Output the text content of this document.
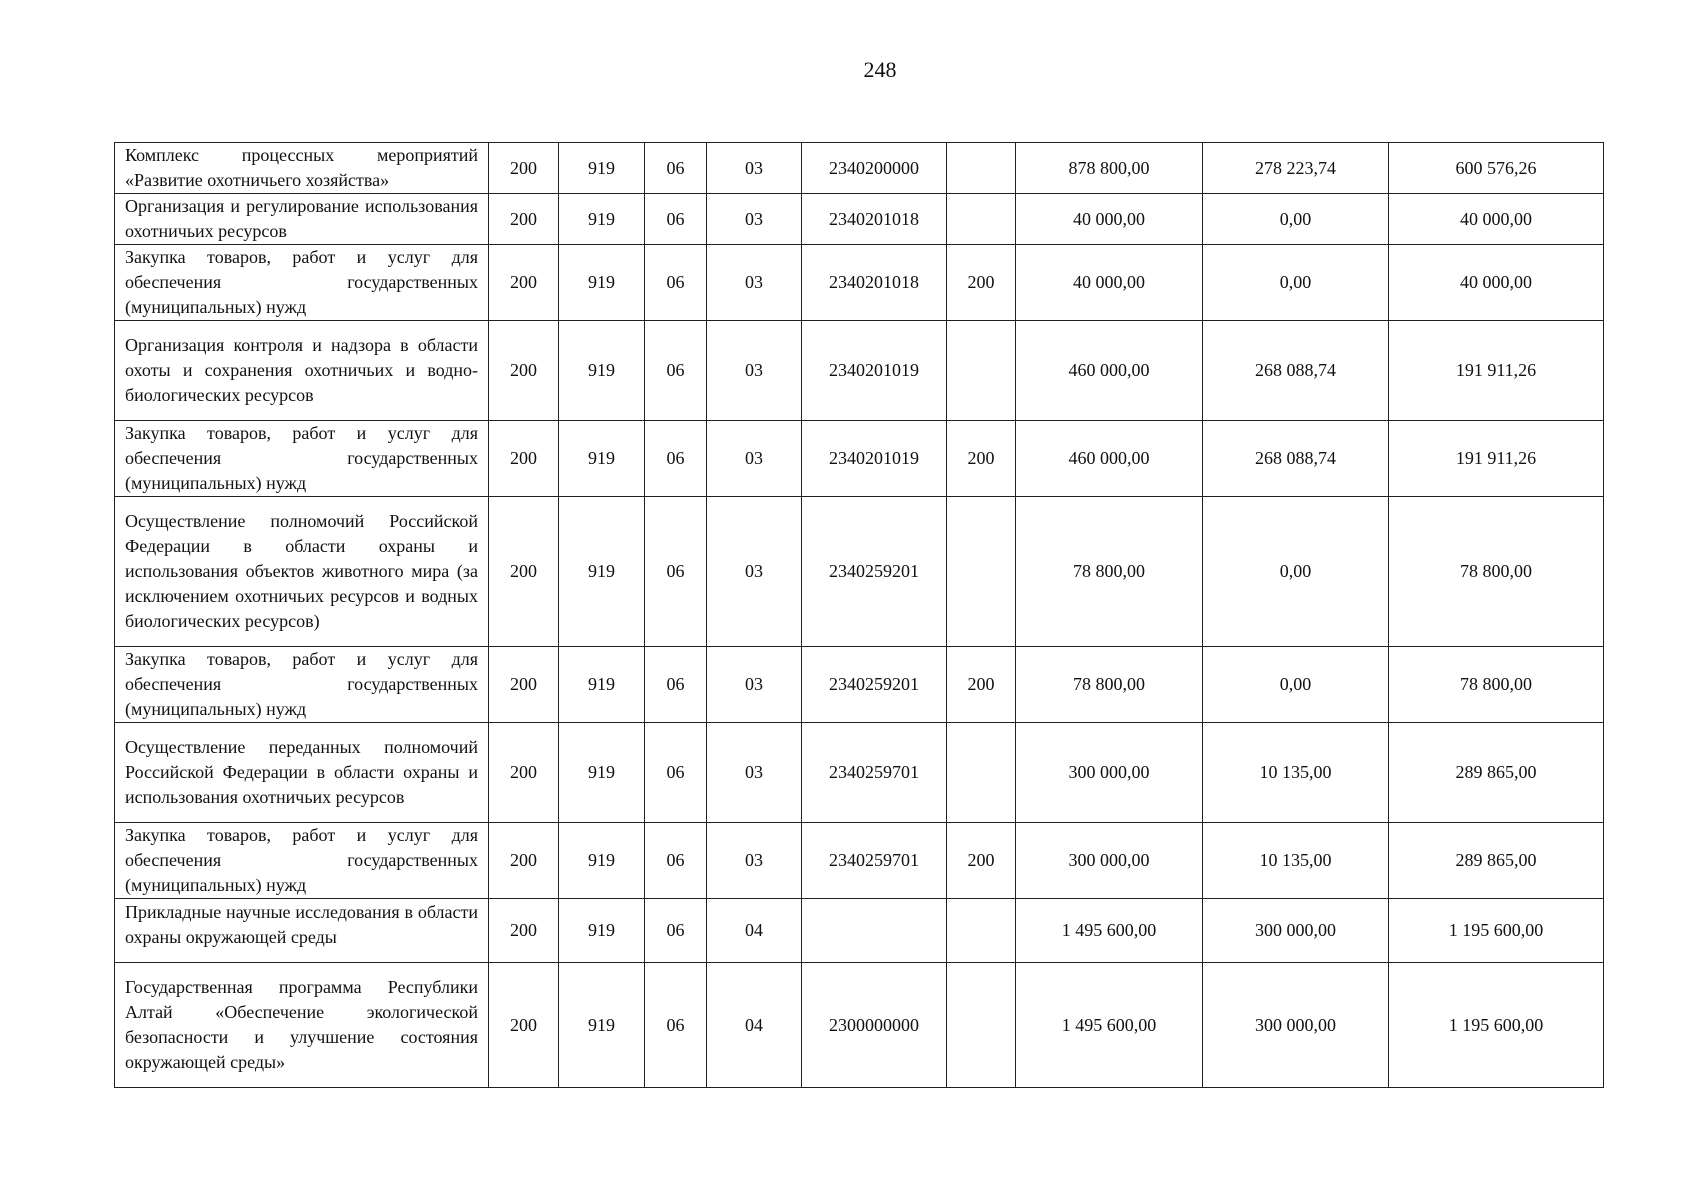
248
Комплекс процессных мероприятий «Развитие охотничьего хозяйства»	200	919	06	03	2340200000		878 800,00	278 223,74	600 576,26
Организация и регулирование использования охотничьих ресурсов	200	919	06	03	2340201018		40 000,00	0,00	40 000,00
Закупка товаров, работ и услуг для обеспечения государственных (муниципальных) нужд	200	919	06	03	2340201018	200	40 000,00	0,00	40 000,00
Организация контроля и надзора в области охоты и сохранения охотничьих и водно-биологических ресурсов	200	919	06	03	2340201019		460 000,00	268 088,74	191 911,26
Закупка товаров, работ и услуг для обеспечения государственных (муниципальных) нужд	200	919	06	03	2340201019	200	460 000,00	268 088,74	191 911,26
Осуществление полномочий Российской Федерации в области охраны и использования объектов животного мира (за исключением охотничьих ресурсов и водных биологических ресурсов)	200	919	06	03	2340259201		78 800,00	0,00	78 800,00
Закупка товаров, работ и услуг для обеспечения государственных (муниципальных) нужд	200	919	06	03	2340259201	200	78 800,00	0,00	78 800,00
Осуществление переданных полномочий Российской Федерации в области охраны и использования охотничьих ресурсов	200	919	06	03	2340259701		300 000,00	10 135,00	289 865,00
Закупка товаров, работ и услуг для обеспечения государственных (муниципальных) нужд	200	919	06	03	2340259701	200	300 000,00	10 135,00	289 865,00
Прикладные научные исследования в области охраны окружающей среды	200	919	06	04			1 495 600,00	300 000,00	1 195 600,00
Государственная программа Республики Алтай «Обеспечение экологической безопасности и улучшение состояния окружающей среды»	200	919	06	04	2300000000		1 495 600,00	300 000,00	1 195 600,00
